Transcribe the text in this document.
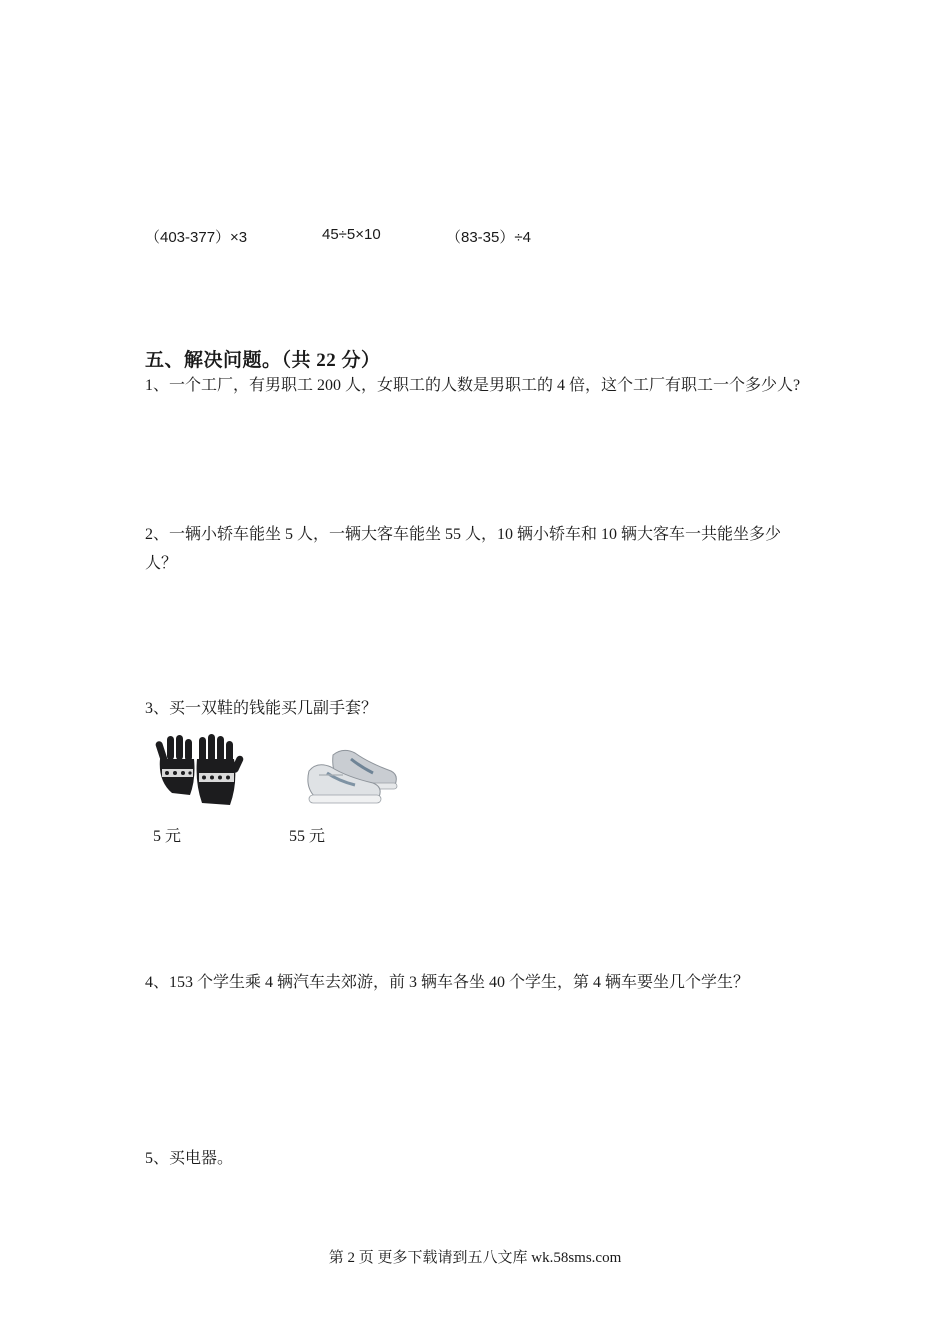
（403-377）×3	45÷5×10	（83-35）÷4
五、解决问题。（共 22 分）
1、一个工厂，有男职工 200 人，女职工的人数是男职工的 4 倍，这个工厂有职工一个多少人?
2、一辆小轿车能坐 5 人，一辆大客车能坐 55 人，10 辆小轿车和 10 辆大客车一共能坐多少人？
3、买一双鞋的钱能买几副手套？
5 元	55 元
4、153 个学生乘 4 辆汽车去郊游，前 3 辆车各坐 40 个学生，第 4 辆车要坐几个学生？
5、买电器。
第 2 页 更多下载请到五八文库 wk.58sms.com
